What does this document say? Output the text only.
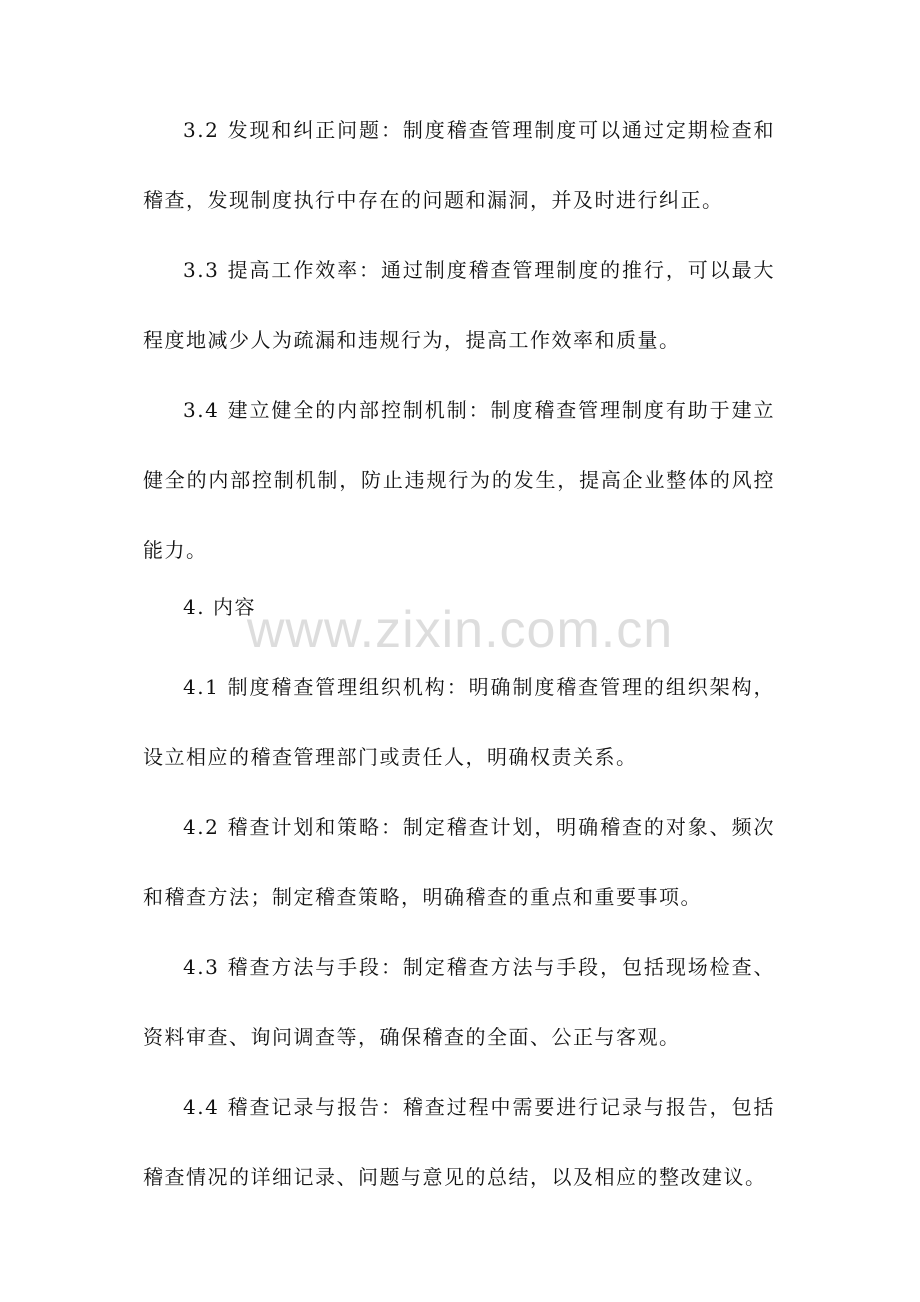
3.2 发现和纠正问题：制度稽查管理制度可以通过定期检查和稽查，发现制度执行中存在的问题和漏洞，并及时进行纠正。

3.3 提高工作效率：通过制度稽查管理制度的推行，可以最大程度地减少人为疏漏和违规行为，提高工作效率和质量。

3.4 建立健全的内部控制机制：制度稽查管理制度有助于建立健全的内部控制机制，防止违规行为的发生，提高企业整体的风控能力。

4. 内容

4.1 制度稽查管理组织机构：明确制度稽查管理的组织架构，设立相应的稽查管理部门或责任人，明确权责关系。

4.2 稽查计划和策略：制定稽查计划，明确稽查的对象、频次和稽查方法；制定稽查策略，明确稽查的重点和重要事项。

4.3 稽查方法与手段：制定稽查方法与手段，包括现场检查、资料审查、询问调查等，确保稽查的全面、公正与客观。

4.4 稽查记录与报告：稽查过程中需要进行记录与报告，包括稽查情况的详细记录、问题与意见的总结，以及相应的整改建议。

www.zixin.com.cn
